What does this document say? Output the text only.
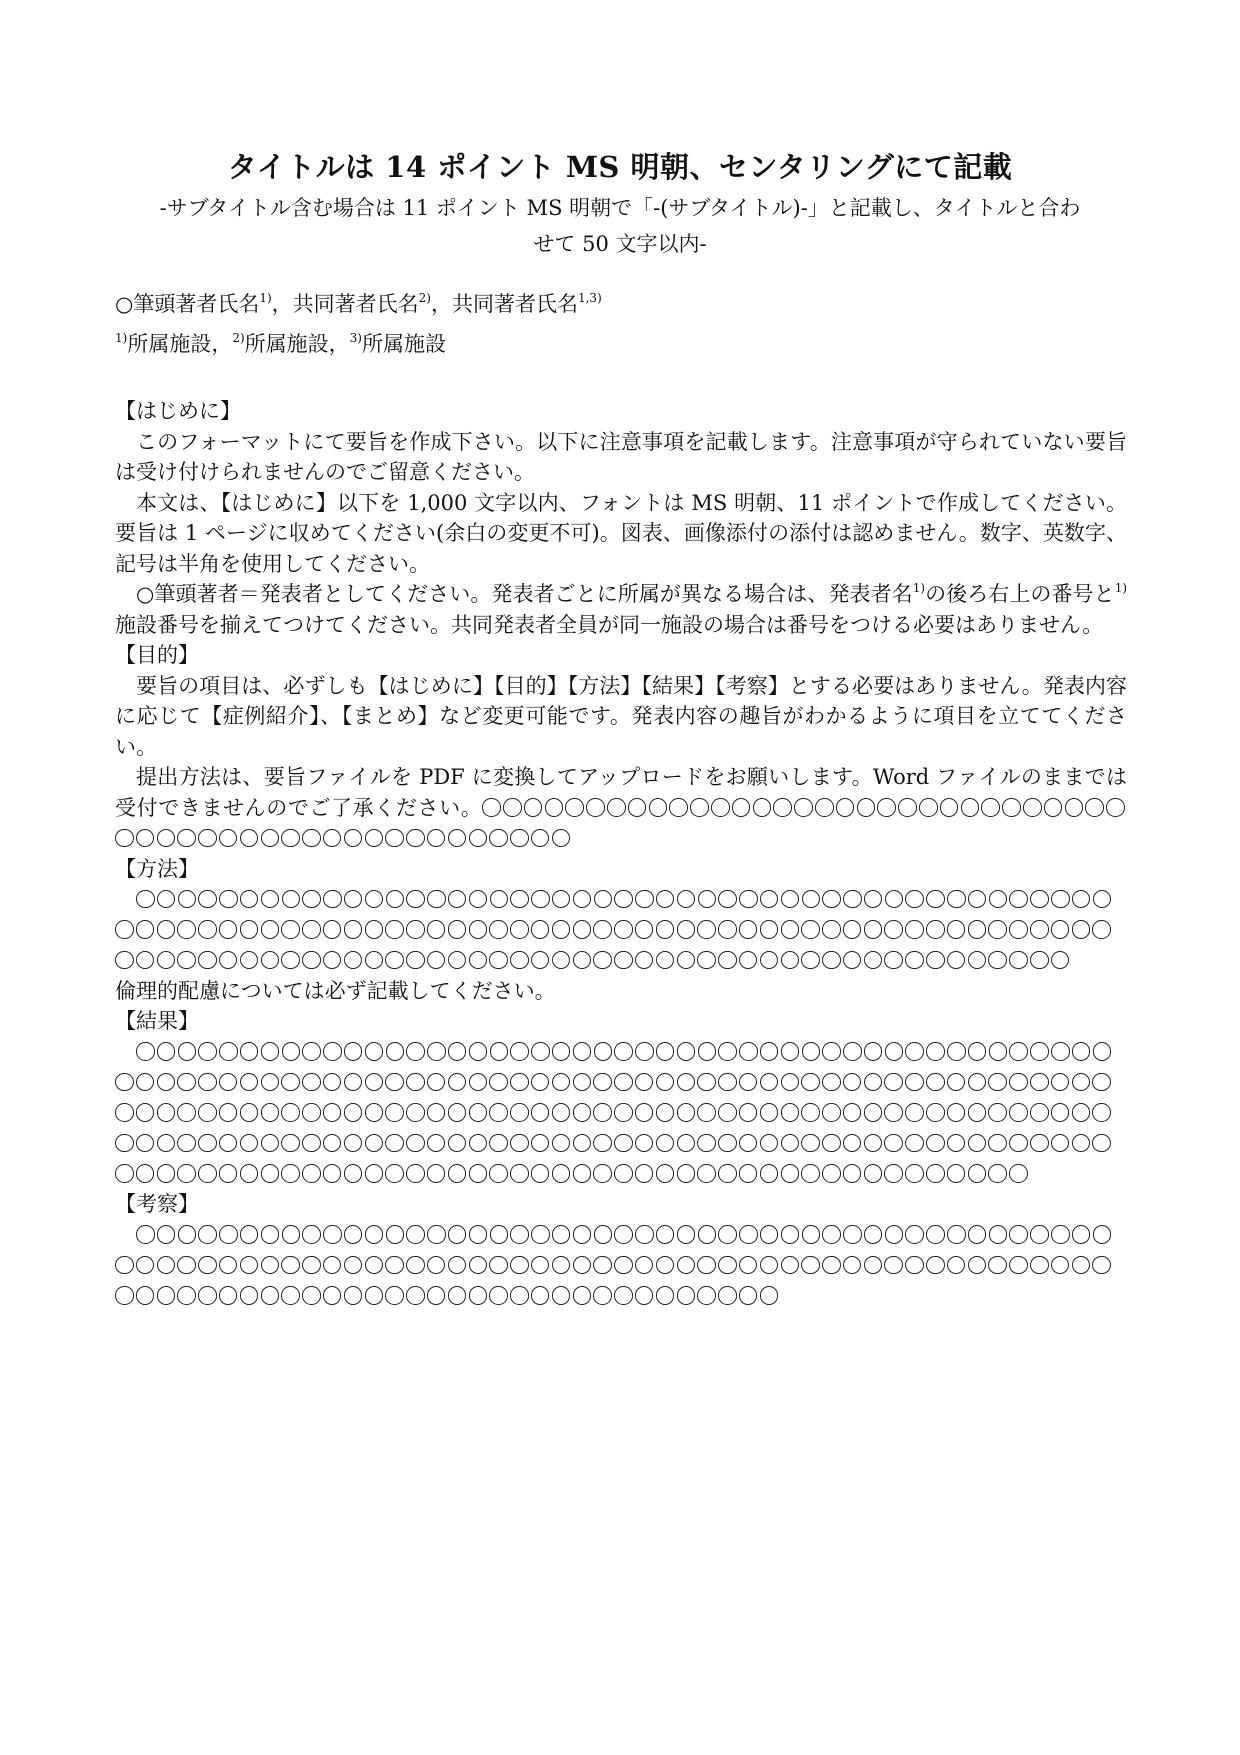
タイトルは 14 ポイント MS 明朝、センタリングにて記載
-サブタイトル含む場合は 11 ポイント MS 明朝で「-(サブタイトル)-」と記載し、タイトルと合わせて 50 文字以内-
○筆頭著者氏名$^{1)}$，共同著者氏名$^{2)}$，共同著者氏名$^{1,3)}$
$^{1)}$所属施設，$^{2)}$所属施設，$^{3)}$所属施設

【はじめに】

このフォーマットにて要旨を作成下さい。以下に注意事項を記載します。注意事項が守られていない要旨は受け付けられませんのでご留意ください。

本文は、【はじめに】以下を 1,000 文字以内、フォントは MS 明朝、11 ポイントで作成してください。要旨は 1 ページに収めてください(余白の変更不可)。図表、画像添付の添付は認めません。数字、英数字、記号は半角を使用してください。

○筆頭著者＝発表者としてください。発表者ごとに所属が異なる場合は、発表者名$^{1)}$の後ろ右上の番号と$^{1)}$施設番号を揃えてつけてください。共同発表者全員が同一施設の場合は番号をつける必要はありません。

【目的】

要旨の項目は、必ずしも【はじめに】【目的】【方法】【結果】【考察】とする必要はありません。発表内容に応じて【症例紹介】、【まとめ】など変更可能です。発表内容の趣旨がわかるように項目を立ててください。

提出方法は、要旨ファイルを PDF に変換してアップロードをお願いします。Word ファイルのままでは受付できませんのでご了承ください。

【方法】

倫理的配慮については必ず記載してください。

【結果】

【考察】
